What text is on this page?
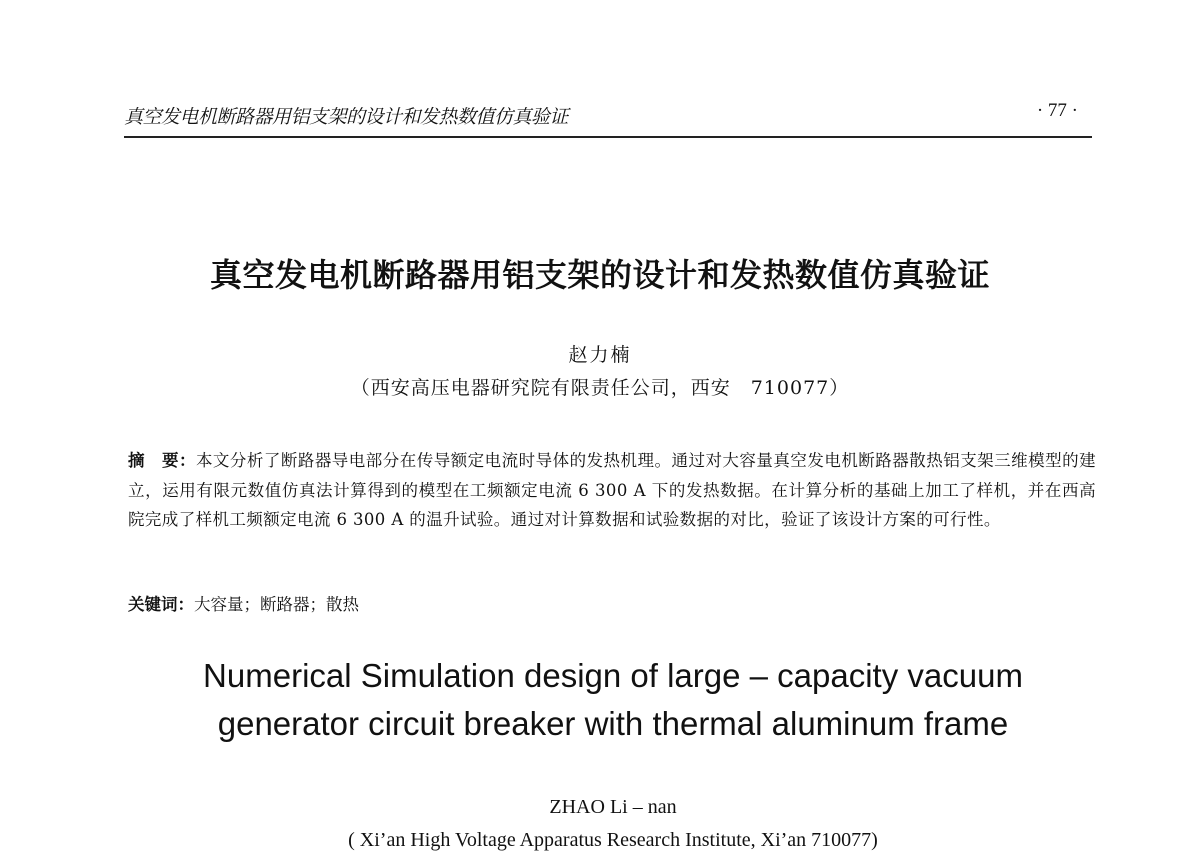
真空发电机断路器用铝支架的设计和发热数值仿真验证	· 77 ·
真空发电机断路器用铝支架的设计和发热数值仿真验证
赵力楠
（西安高压电器研究院有限责任公司，西安　710077）
摘　要：本文分析了断路器导电部分在传导额定电流时导体的发热机理。通过对大容量真空发电机断路器散热铝支架三维模型的建立，运用有限元数值仿真法计算得到的模型在工频额定电流 6 300 A 下的发热数据。在计算分析的基础上加工了样机，并在西高院完成了样机工频额定电流 6 300 A 的温升试验。通过对计算数据和试验数据的对比，验证了该设计方案的可行性。
关键词：大容量；断路器；散热
Numerical Simulation design of large – capacity vacuum
generator circuit breaker with thermal aluminum frame
ZHAO Li – nan
( Xi’an High Voltage Apparatus Research Institute, Xi’an 710077)
